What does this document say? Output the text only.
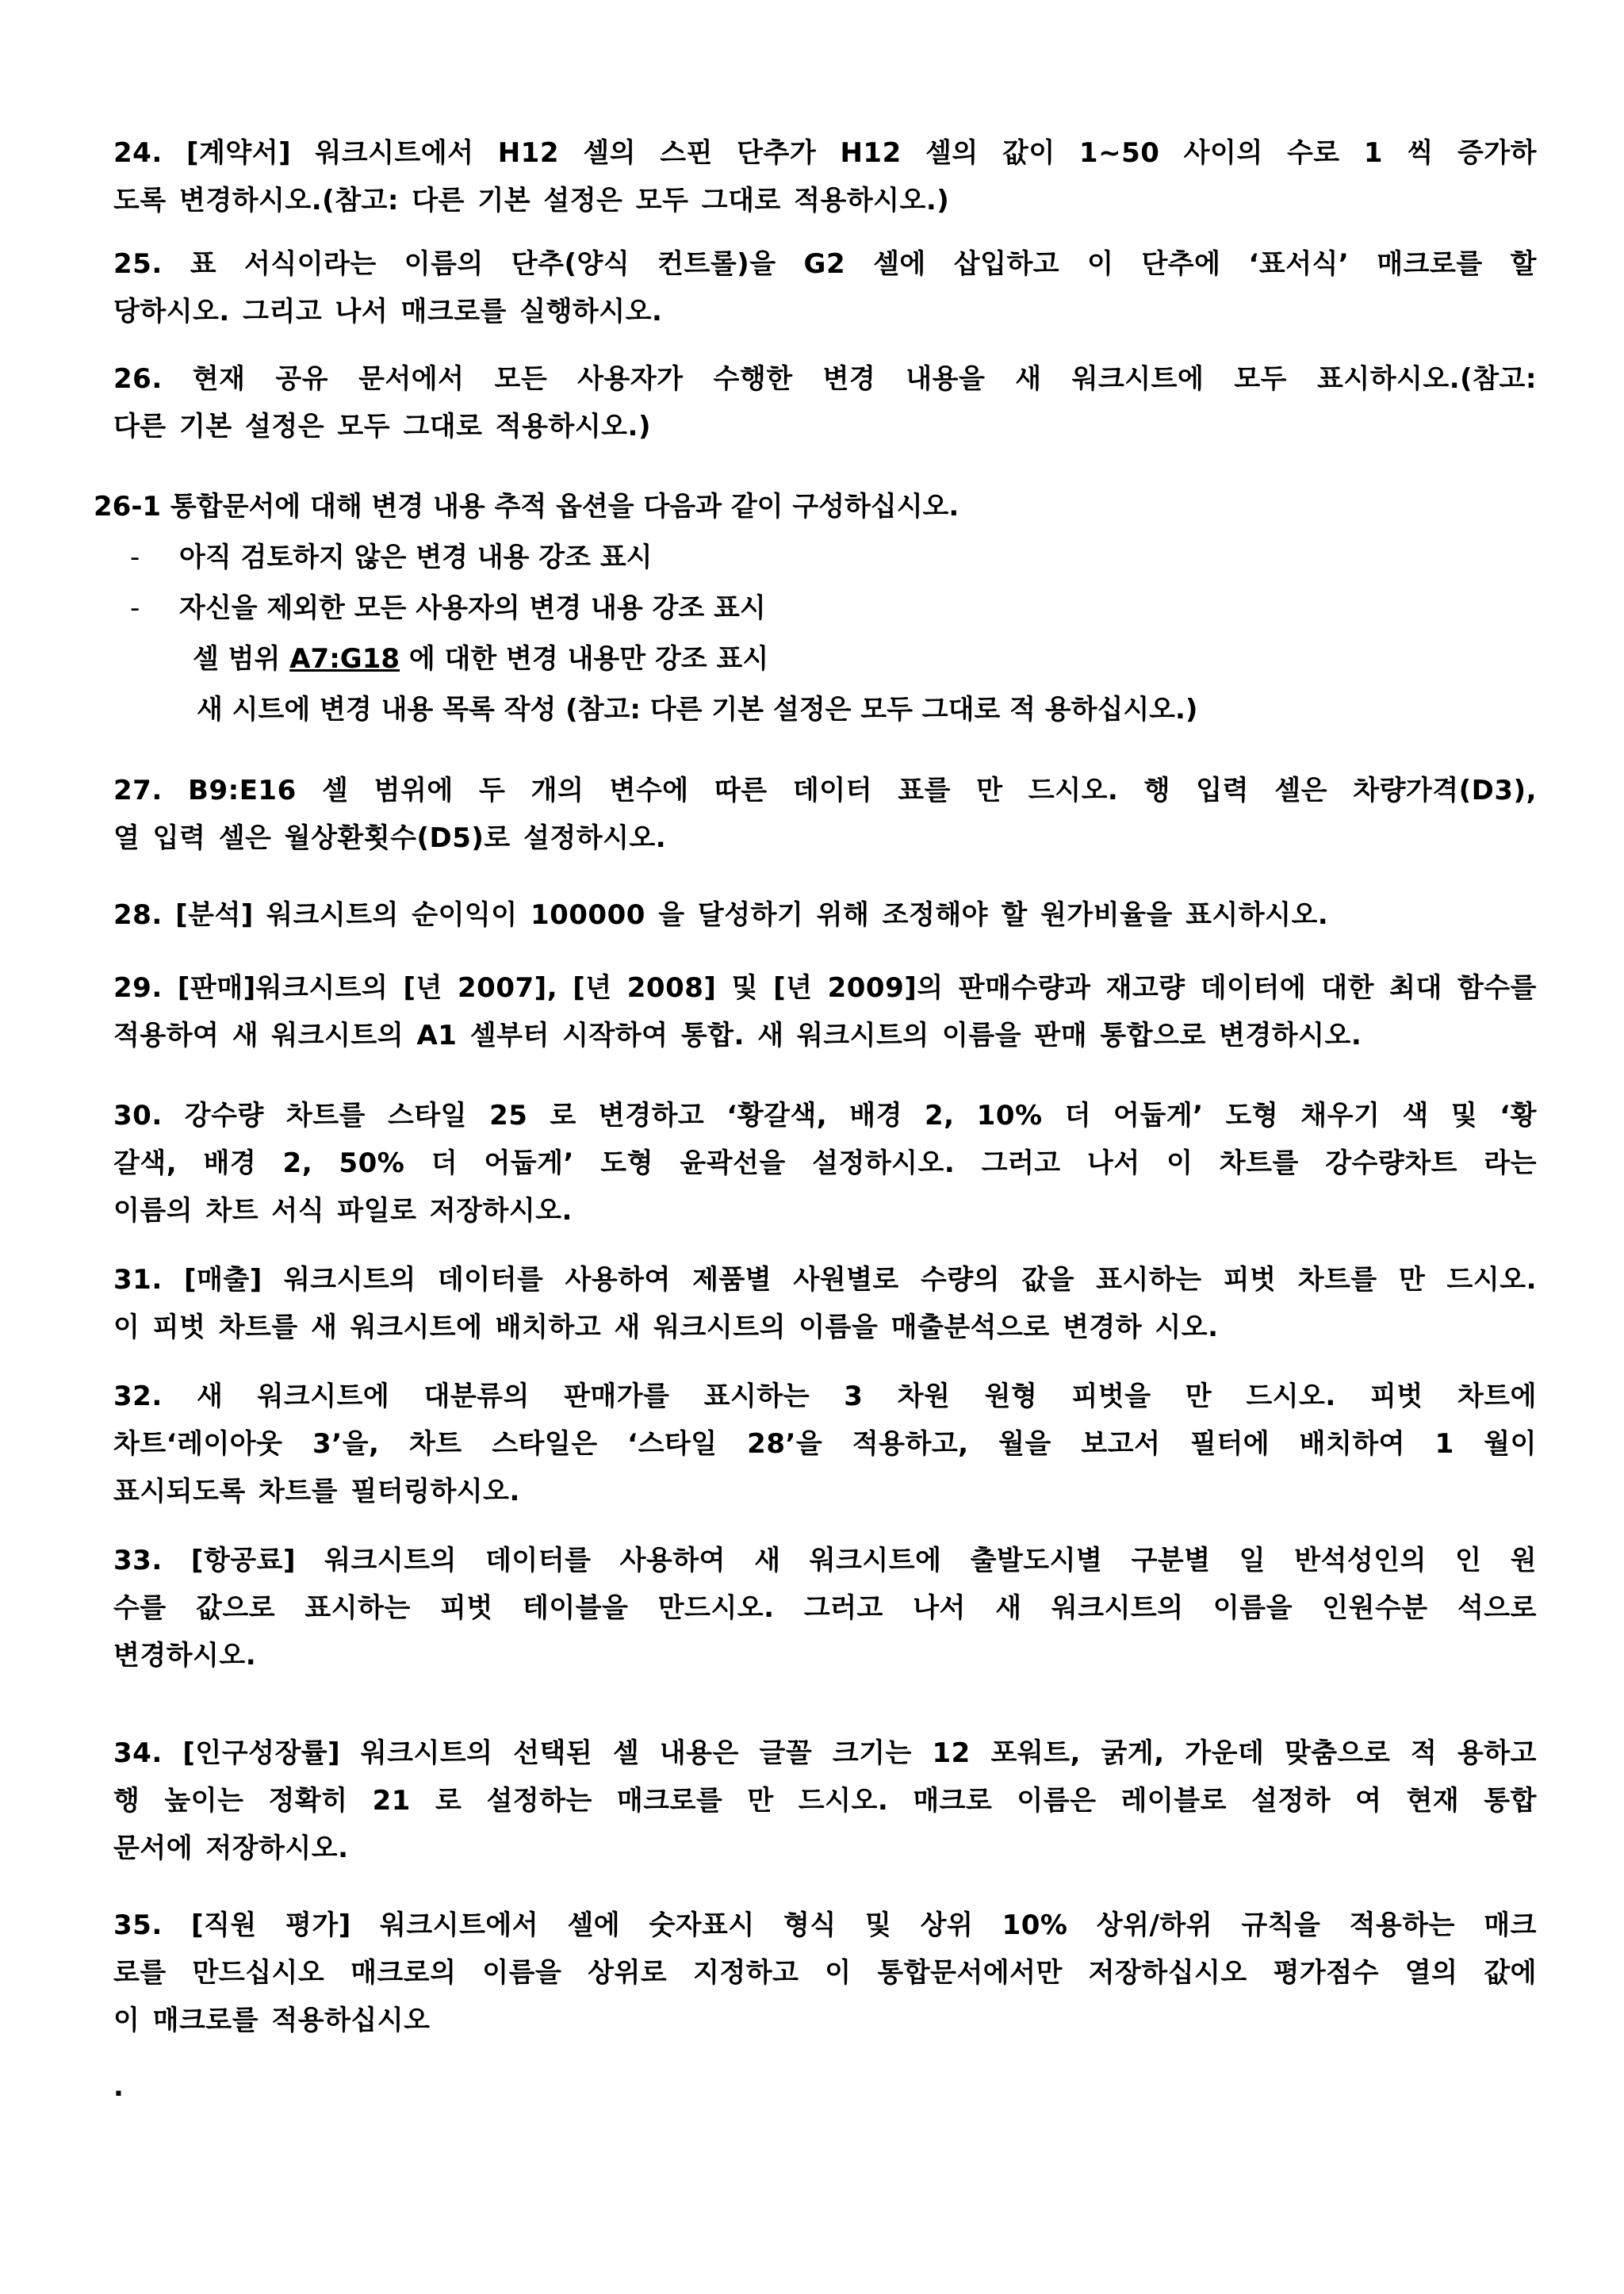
24. [계약서] 워크시트에서 H12 셀의 스핀 단추가 H12 셀의 값이 1~50 사이의 수로 1 씩 증가하
도록 변경하시오.(참고: 다른 기본 설정은 모두 그대로 적용하시오.)
25. 표 서식이라는 이름의 단추(양식 컨트롤)을 G2 셀에 삽입하고 이 단추에 ‘표서식’ 매크로를 할
당하시오. 그리고 나서 매크로를 실행하시오.
26. 현재 공유 문서에서 모든 사용자가 수행한 변경 내용을 새 워크시트에 모두 표시하시오.(참고:
다른 기본 설정은 모두 그대로 적용하시오.)
26-1 통합문서에 대해 변경 내용 추적 옵션을 다음과 같이 구성하십시오.
- 아직 검토하지 않은 변경 내용 강조 표시
- 자신을 제외한 모든 사용자의 변경 내용 강조 표시
셀 범위 A7:G18 에 대한 변경 내용만 강조 표시
새 시트에 변경 내용 목록 작성 (참고: 다른 기본 설정은 모두 그대로 적 용하십시오.)
27. B9:E16 셀 범위에 두 개의 변수에 따른 데이터 표를 만 드시오. 행 입력 셀은 차량가격(D3),
열 입력 셀은 월상환횟수(D5)로 설정하시오.
28. [분석] 워크시트의 순이익이 100000 을 달성하기 위해 조정해야 할 원가비율을 표시하시오.
29. [판매]워크시트의 [년 2007], [년 2008] 및 [년 2009]의 판매수량과 재고량 데이터에 대한 최대 함수를
적용하여 새 워크시트의 A1 셀부터 시작하여 통합. 새 워크시트의 이름을 판매 통합으로 변경하시오.
30. 강수량 차트를 스타일 25 로 변경하고 ‘황갈색, 배경 2, 10% 더 어둡게’ 도형 채우기 색 및 ‘황
갈색, 배경 2, 50% 더 어둡게’ 도형 윤곽선을 설정하시오. 그러고 나서 이 차트를 강수량차트 라는
이름의 차트 서식 파일로 저장하시오.
31. [매출] 워크시트의 데이터를 사용하여 제품별 사원별로 수량의 값을 표시하는 피벗 차트를 만 드시오.
이 피벗 차트를 새 워크시트에 배치하고 새 워크시트의 이름을 매출분석으로 변경하 시오.
32. 새 워크시트에 대분류의 판매가를 표시하는 3 차원 원형 피벗을 만 드시오. 피벗 차트에
차트‘레이아웃 3’을, 차트 스타일은 ‘스타일 28’을 적용하고, 월을 보고서 필터에 배치하여 1 월이
표시되도록 차트를 필터링하시오.
33. [항공료] 워크시트의 데이터를 사용하여 새 워크시트에 출발도시별 구분별 일 반석성인의 인 원
수를 값으로 표시하는 피벗 테이블을 만드시오. 그러고 나서 새 워크시트의 이름을 인원수분 석으로
변경하시오.
34. [인구성장률] 워크시트의 선택된 셀 내용은 글꼴 크기는 12 포워트, 굵게, 가운데 맞춤으로 적 용하고
행 높이는 정확히 21 로 설정하는 매크로를 만 드시오. 매크로 이름은 레이블로 설정하 여 현재 통합
문서에 저장하시오.
35. [직원 평가] 워크시트에서 셀에 숫자표시 형식 및 상위 10% 상위/하위 규칙을 적용하는 매크
로를 만드십시오 매크로의 이름을 상위로 지정하고 이 통합문서에서만 저장하십시오 평가점수 열의 값에
이 매크로를 적용하십시오
.
